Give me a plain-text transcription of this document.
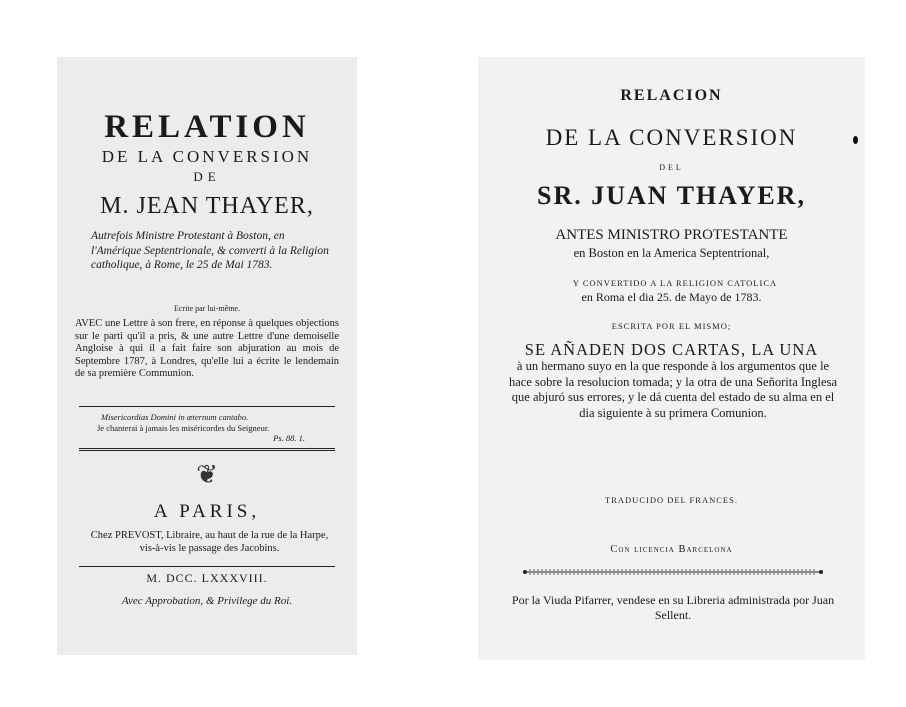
RELATION
DE LA CONVERSION
DE
M. JEAN THAYER,
Autrefois Ministre Protestant à Boston, en l'Amérique Septentrionale, & converti à la Religion catholique, à Rome, le 25 de Mai 1783.
Ecrite par lui-même.
AVEC une Lettre à son frere, en réponse à quelques objections sur le parti qu'il a pris, & une autre Lettre d'une demoiselle Angloise à qui il a fait faire son abjuration au mois de Septembre 1787, à Londres, qu'elle lui a écrite le lendemain de sa première Communion.
Misericordias Domini in æternum cantabo.
Je chanterai à jamais les miséricordes du Seigneur.
Ps. 88. 1.
❦
A PARIS,
Chez PREVOST, Libraire, au haut de la rue de la Harpe, vis-à-vis le passage des Jacobins.
M. DCC. LXXXVIII.
Avec Approbation, & Privilege du Roi.
RELACION
DE LA CONVERSION
DEL
SR. JUAN THAYER,
ANTES MINISTRO PROTESTANTE
en Boston en la America Septentrional,
Y CONVERTIDO A LA RELIGION CATOLICA
en Roma el dia 25. de Mayo de 1783.
ESCRITA POR EL MISMO;
SE AÑADEN DOS CARTAS, LA UNA
à un hermano suyo en la que responde à los argumentos que le hace sobre la resolucion tomada; y la otra de una Señorita Inglesa que abjuró sus errores, y le dá cuenta del estado de su alma en el dia siguiente à su primera Comunion.
TRADUCIDO DEL FRANCES.
Con licencia Barcelona
Por la Viuda Pifarrer, vendese en su Libreria administrada por Juan Sellent.
